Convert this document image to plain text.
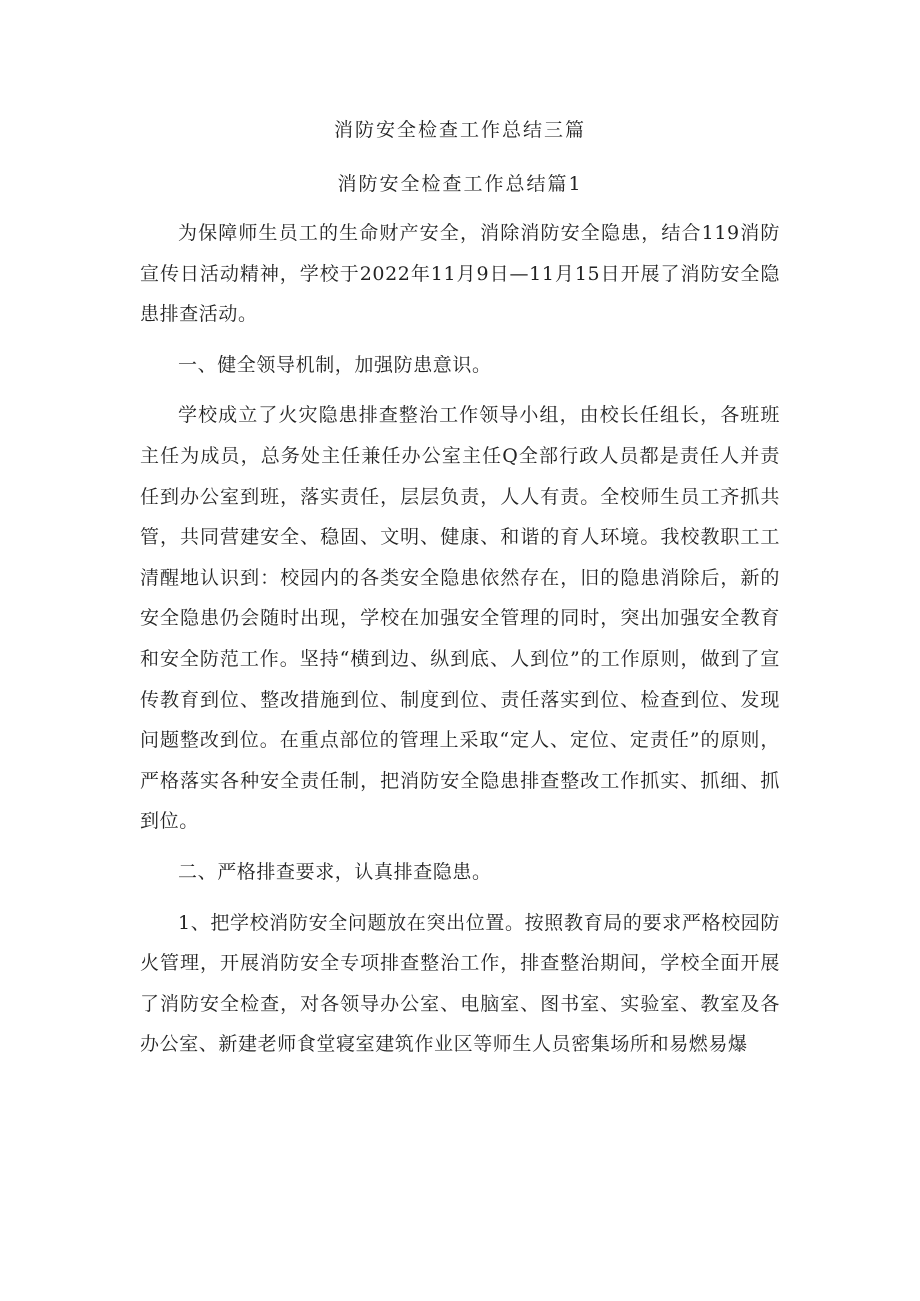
消防安全检查工作总结三篇
消防安全检查工作总结篇1

为保障师生员工的生命财产安全，消除消防安全隐患，结合119消防宣传日活动精神，学校于2022年11月9日—11月15日开展了消防安全隐患排查活动。

一、健全领导机制，加强防患意识。

学校成立了火灾隐患排查整治工作领导小组，由校长任组长，各班班主任为成员，总务处主任兼任办公室主任Q全部行政人员都是责任人并责任到办公室到班，落实责任，层层负责，人人有责。全校师生员工齐抓共管，共同营建安全、稳固、文明、健康、和谐的育人环境。我校教职工工清醒地认识到：校园内的各类安全隐患依然存在，旧的隐患消除后，新的安全隐患仍会随时出现，学校在加强安全管理的同时，突出加强安全教育和安全防范工作。坚持“横到边、纵到底、人到位”的工作原则，做到了宣传教育到位、整改措施到位、制度到位、责任落实到位、检查到位、发现问题整改到位。在重点部位的管理上采取“定人、定位、定责任”的原则，严格落实各种安全责任制，把消防安全隐患排查整改工作抓实、抓细、抓到位。

二、严格排查要求，认真排查隐患。

1、把学校消防安全问题放在突出位置。按照教育局的要求严格校园防火管理，开展消防安全专项排查整治工作，排查整治期间，学校全面开展了消防安全检查，对各领导办公室、电脑室、图书室、实验室、教室及各办公室、新建老师食堂寝室建筑作业区等师生人员密集场所和易燃易爆
